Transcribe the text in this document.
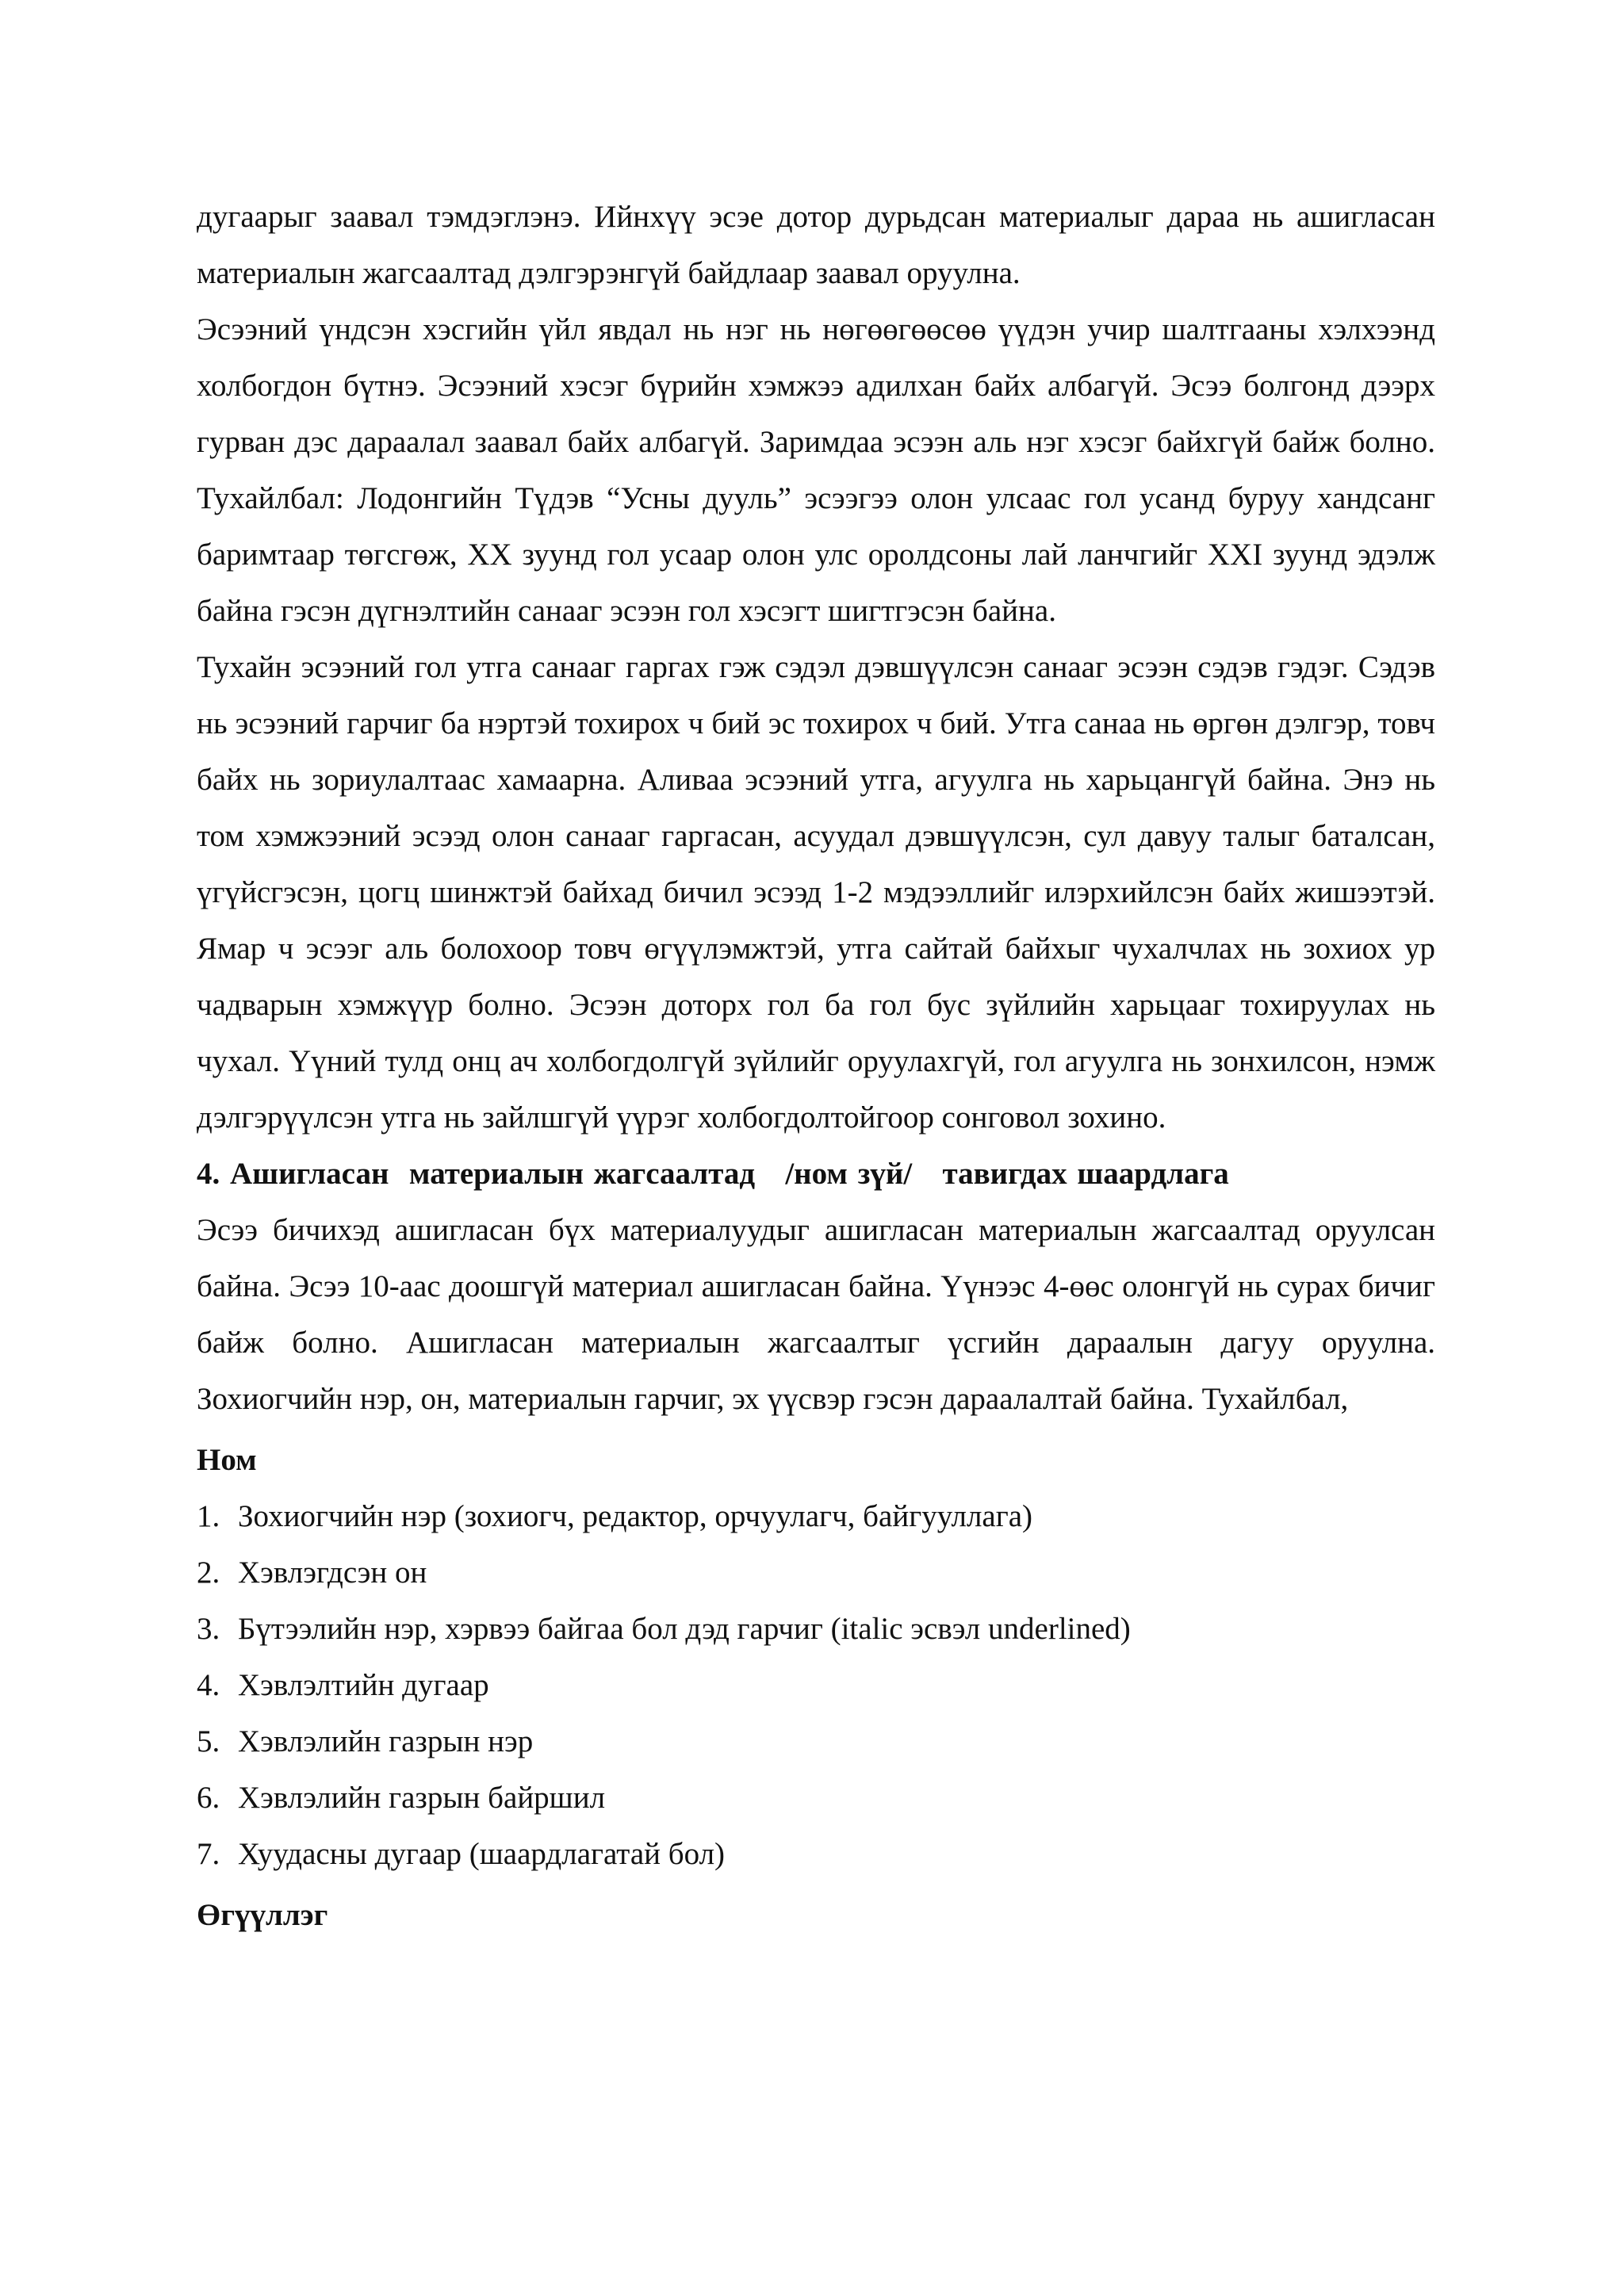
дугаарыг заавал тэмдэглэнэ. Ийнхүү эсэе дотор дурьдсан материалыг дараа нь ашигласан материалын жагсаалтад дэлгэрэнгүй байдлаар заавал оруулна.

Эсээний үндсэн хэсгийн үйл явдал нь нэг нь нөгөөгөөсөө үүдэн учир шалтгааны хэлхээнд холбогдон бүтнэ. Эсээний хэсэг бүрийн хэмжээ адилхан байх албагүй. Эсээ болгонд дээрх гурван дэс дараалал заавал байх албагүй. Заримдаа эсээн аль нэг хэсэг байхгүй байж болно. Тухайлбал: Лодонгийн Түдэв “Усны дууль” эсээгээ олон улсаас гол усанд буруу хандсанг баримтаар төгсгөж, XX зуунд гол усаар олон улс оролдсоны лай ланчгийг XXI зуунд эдэлж байна гэсэн дүгнэлтийн санааг эсээн гол хэсэгт шигтгэсэн байна.

Тухайн эсээний гол утга санааг гаргах гэж сэдэл дэвшүүлсэн санааг эсээн сэдэв гэдэг. Сэдэв нь эсээний гарчиг ба нэртэй тохирох ч бий эс тохирох ч бий. Утга санаа нь өргөн дэлгэр, товч байх нь зориулалтаас хамаарна. Аливаа эсээний утга, агуулга нь харьцангүй байна. Энэ нь том хэмжээний эсээд олон санааг гаргасан, асуудал дэвшүүлсэн, сул давуу талыг баталсан, үгүйсгэсэн, цогц шинжтэй байхад бичил эсээд 1-2 мэдээллийг илэрхийлсэн байх жишээтэй. Ямар ч эсээг аль болохоор товч өгүүлэмжтэй, утга сайтай байхыг чухалчлах нь зохиох ур чадварын хэмжүүр болно. Эсээн доторх гол ба гол бус зүйлийн харьцааг тохируулах нь чухал. Үүний тулд онц ач холбогдолгүй зүйлийг оруулахгүй, гол агуулга нь зонхилсон, нэмж дэлгэрүүлсэн утга нь зайлшгүй үүрэг холбогдолтойгоор сонговол зохино.

4. Ашигласан  материалын жагсаалтад   /ном зүй/   тавигдах шаардлага

Эсээ бичихэд ашигласан бүх материалуудыг ашигласан материалын жагсаалтад оруулсан байна. Эсээ 10-аас доошгүй материал ашигласан байна. Үүнээс 4-өөс олонгүй нь сурах бичиг байж болно. Ашигласан материалын жагсаалтыг үсгийн дараалын дагуу оруулна. Зохиогчийн нэр, он, материалын гарчиг, эх үүсвэр гэсэн дараалалтай байна. Тухайлбал,

Ном

1. Зохиогчийн нэр (зохиогч, редактор, орчуулагч, байгууллага)
2. Хэвлэгдсэн он
3. Бүтээлийн нэр, хэрвээ байгаа бол дэд гарчиг (italic эсвэл underlined)
4. Хэвлэлтийн дугаар
5. Хэвлэлийн газрын нэр
6. Хэвлэлийн газрын байршил
7. Хуудасны дугаар (шаардлагатай бол)

Өгүүллэг
